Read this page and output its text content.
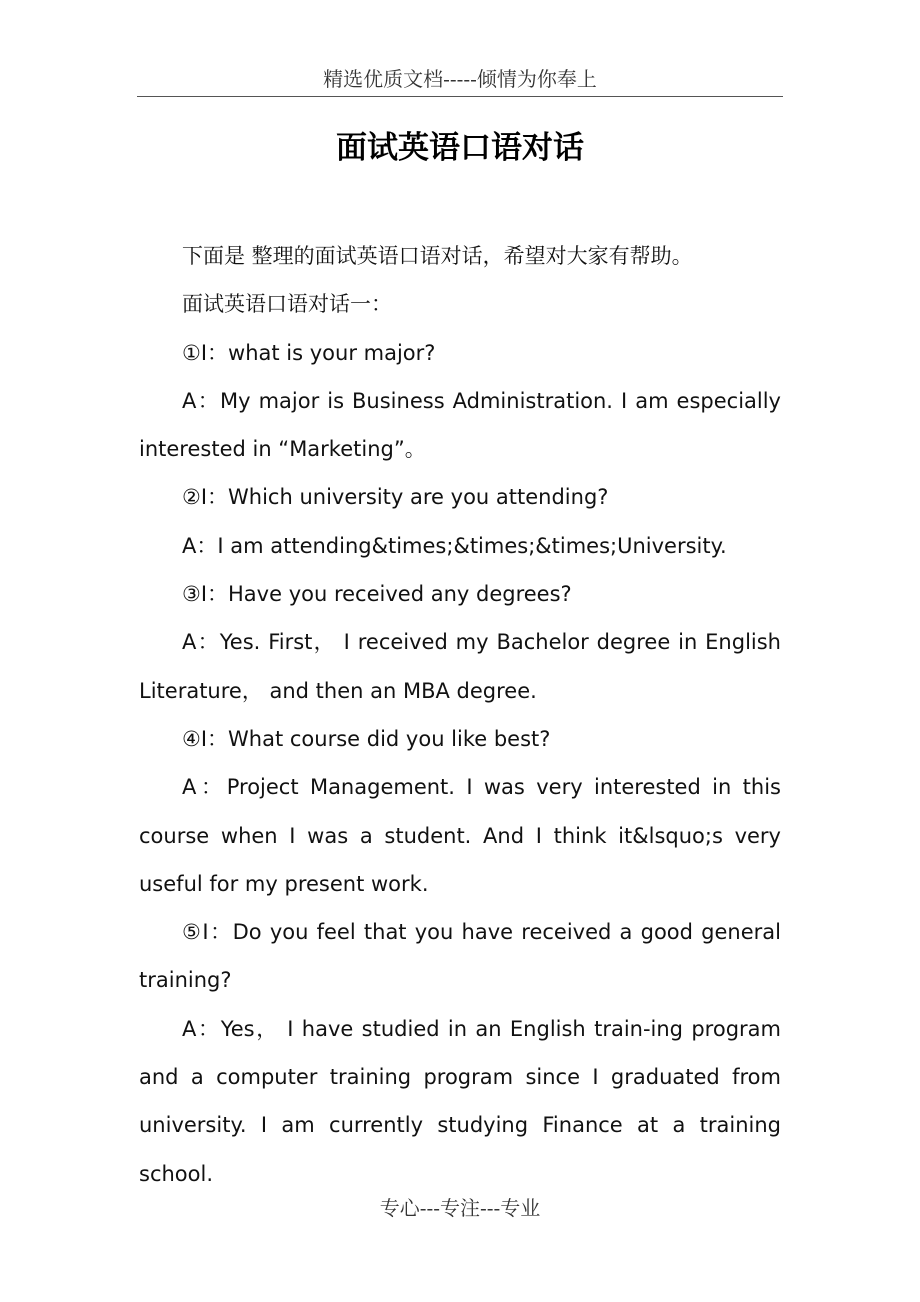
精选优质文档-----倾情为你奉上
面试英语口语对话

下面是 整理的面试英语口语对话，希望对大家有帮助。

面试英语口语对话一：

①I：what is your major?

A：My major is Business Administration. I am especially interested in “Marketing”。

②I：Which university are you attending?

A：I am attending&times;&times;&times;University.

③I：Have you received any degrees?

A：Yes. First， I received my Bachelor degree in English Literature， and then an MBA degree.

④I：What course did you like best?

A：Project Management. I was very interested in this course when I was a student. And I think it&lsquo;s very useful for my present work.

⑤I：Do you feel that you have received a good general training?

A：Yes， I have studied in an English train-ing program and a computer training program since I graduated from university. I am currently studying Finance at a training school.

专心---专注---专业
